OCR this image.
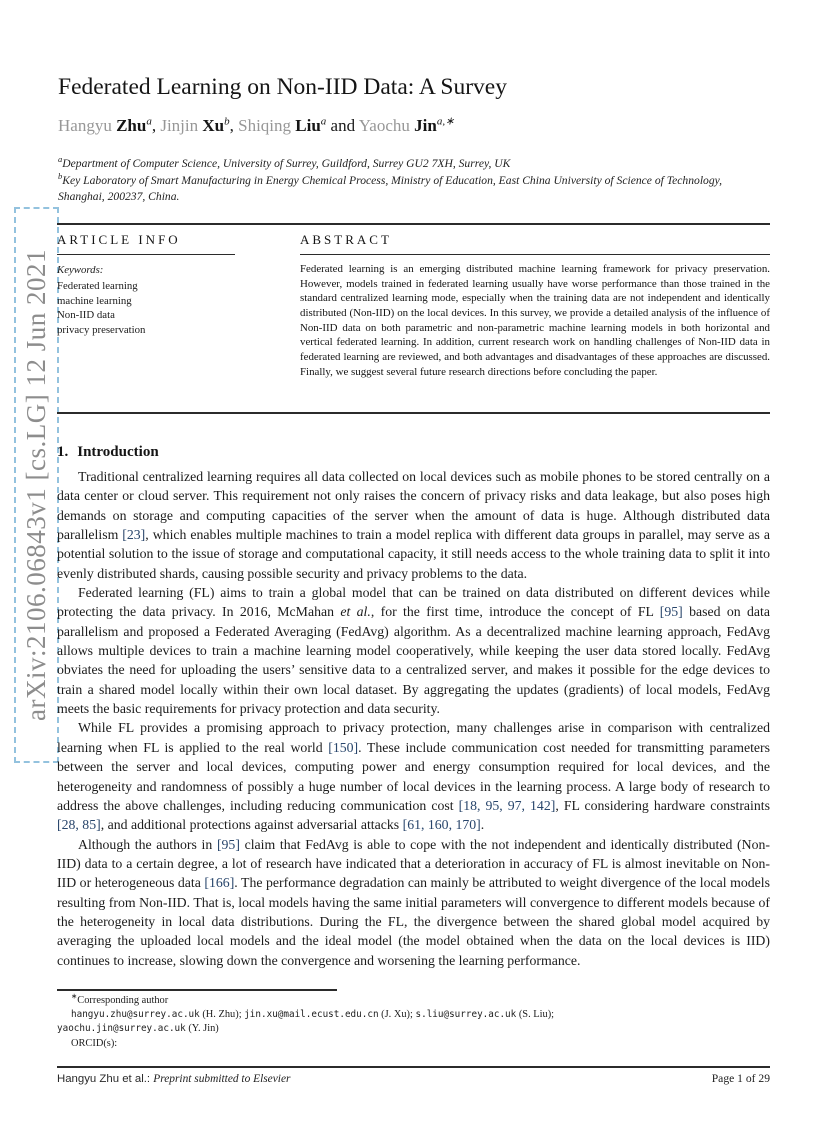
arXiv:2106.06843v1 [cs.LG] 12 Jun 2021
Federated Learning on Non-IID Data: A Survey
Hangyu Zhu$^a$, Jinjin Xu$^b$, Shiqing Liu$^a$ and Yaochu Jin$^{a,∗}$

$^a$Department of Computer Science, University of Surrey, Guildford, Surrey GU2 7XH, Surrey, UK

$^b$Key Laboratory of Smart Manufacturing in Energy Chemical Process, Ministry of Education, East China University of Science of Technology, Shanghai, 200237, China.

ARTICLE INFO	ABSTRACT
Keywords:
Federated learning
machine learning
Non-IID data
privacy preservation
Federated learning is an emerging distributed machine learning framework for privacy preservation. However, models trained in federated learning usually have worse performance than those trained in the standard centralized learning mode, especially when the training data are not independent and identically distributed (Non-IID) on the local devices. In this survey, we provide a detailed analysis of the influence of Non-IID data on both parametric and non-parametric machine learning models in both horizontal and vertical federated learning. In addition, current research work on handling challenges of Non-IID data in federated learning are reviewed, and both advantages and disadvantages of these approaches are discussed. Finally, we suggest several future research directions before concluding the paper.
1. Introduction

Traditional centralized learning requires all data collected on local devices such as mobile phones to be stored centrally on a data center or cloud server. This requirement not only raises the concern of privacy risks and data leakage, but also poses high demands on storage and computing capacities of the server when the amount of data is huge. Although distributed data parallelism [23], which enables multiple machines to train a model replica with different data groups in parallel, may serve as a potential solution to the issue of storage and computational capacity, it still needs access to the whole training data to split it into evenly distributed shards, causing possible security and privacy problems to the data.

Federated learning (FL) aims to train a global model that can be trained on data distributed on different devices while protecting the data privacy. In 2016, McMahan et al., for the first time, introduce the concept of FL [95] based on data parallelism and proposed a Federated Averaging (FedAvg) algorithm. As a decentralized machine learning approach, FedAvg allows multiple devices to train a machine learning model cooperatively, while keeping the user data stored locally. FedAvg obviates the need for uploading the users’ sensitive data to a centralized server, and makes it possible for the edge devices to train a shared model locally within their own local dataset. By aggregating the updates (gradients) of local models, FedAvg meets the basic requirements for privacy protection and data security.

While FL provides a promising approach to privacy protection, many challenges arise in comparison with centralized learning when FL is applied to the real world [150]. These include communication cost needed for transmitting parameters between the server and local devices, computing power and energy consumption required for local devices, and the heterogeneity and randomness of possibly a huge number of local devices in the learning process. A large body of research to address the above challenges, including reducing communication cost [18, 95, 97, 142], FL considering hardware constraints [28, 85], and additional protections against adversarial attacks [61, 160, 170].

Although the authors in [95] claim that FedAvg is able to cope with the not independent and identically distributed (Non-IID) data to a certain degree, a lot of research have indicated that a deterioration in accuracy of FL is almost inevitable on Non-IID or heterogeneous data [166]. The performance degradation can mainly be attributed to weight divergence of the local models resulting from Non-IID. That is, local models having the same initial parameters will convergence to different models because of the heterogeneity in local data distributions. During the FL, the divergence between the shared global model acquired by averaging the uploaded local models and the ideal model (the model obtained when the data on the local devices is IID) continues to increase, slowing down the convergence and worsening the learning performance.

∗Corresponding author

hangyu.zhu@surrey.ac.uk (H. Zhu); jin.xu@mail.ecust.edu.cn (J. Xu); s.liu@surrey.ac.uk (S. Liu);

yaochu.jin@surrey.ac.uk (Y. Jin)

ORCID(s):

Hangyu Zhu et al.: Preprint submitted to Elsevier	Page 1 of 29
